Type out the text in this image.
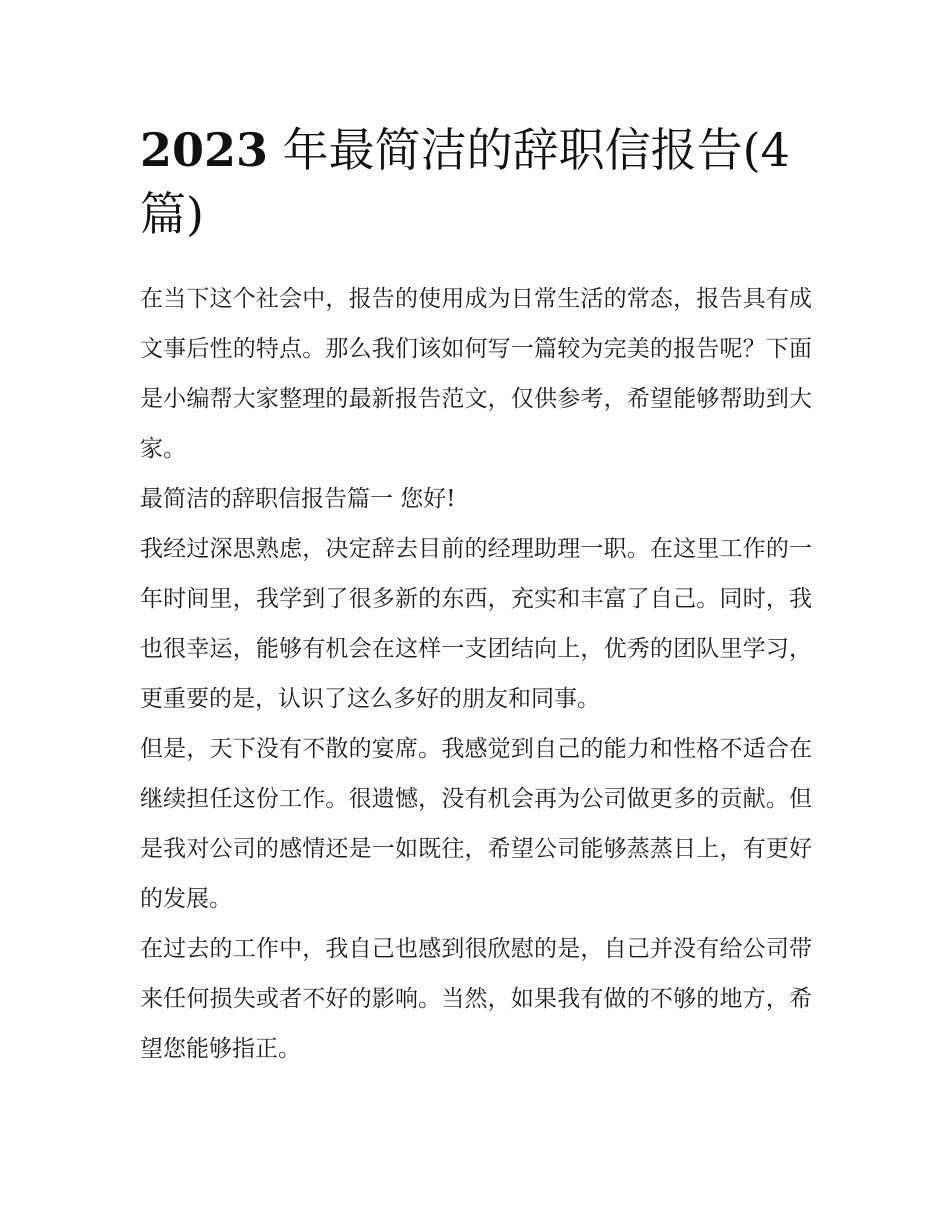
2023 年最简洁的辞职信报告(4篇)

在当下这个社会中，报告的使用成为日常生活的常态，报告具有成文事后性的特点。那么我们该如何写一篇较为完美的报告呢？下面是小编帮大家整理的最新报告范文，仅供参考，希望能够帮助到大家。

最简洁的辞职信报告篇一 您好!

我经过深思熟虑，决定辞去目前的经理助理一职。在这里工作的一年时间里，我学到了很多新的东西，充实和丰富了自己。同时，我也很幸运，能够有机会在这样一支团结向上，优秀的团队里学习，更重要的是，认识了这么多好的朋友和同事。

但是，天下没有不散的宴席。我感觉到自己的能力和性格不适合在继续担任这份工作。很遗憾，没有机会再为公司做更多的贡献。但是我对公司的感情还是一如既往，希望公司能够蒸蒸日上，有更好的发展。

在过去的工作中，我自己也感到很欣慰的是，自己并没有给公司带来任何损失或者不好的影响。当然，如果我有做的不够的地方，希望您能够指正。
